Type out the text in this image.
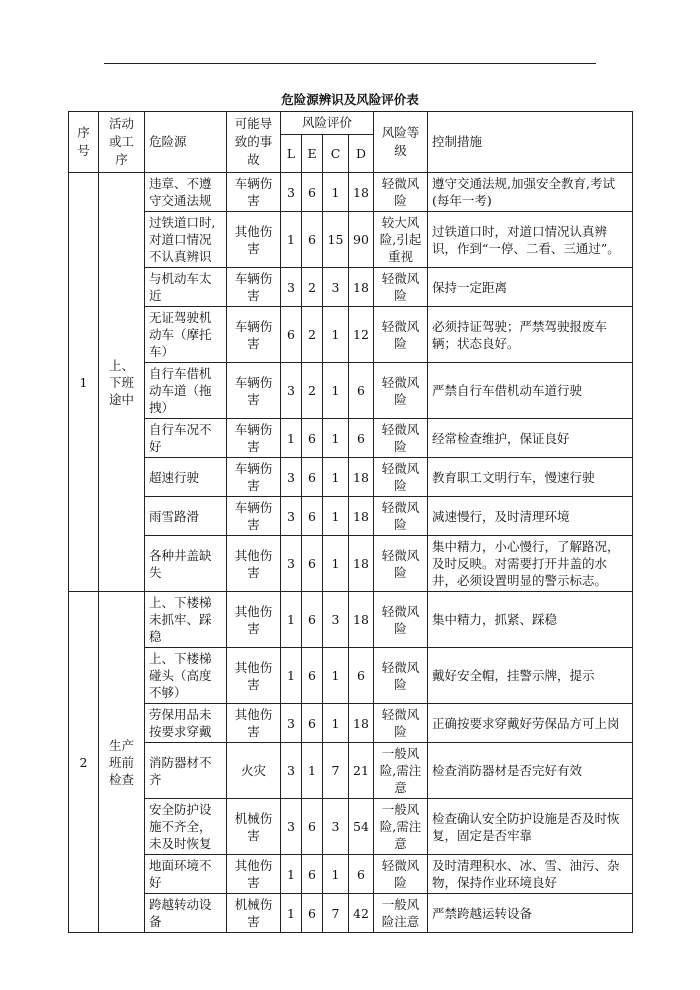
危险源辨识及风险评价表
序号	活动或工序	危险源	可能导致的事故	风险评价				风险等级	控制措施
				L	E	C	D		
1	上、下班途中	违章、不遵守交通法规	车辆伤害	3	6	1	18	轻微风险	遵守交通法规,加强安全教育,考试(每年一考)
		过铁道口时,对道口情况不认真辨识	其他伤害	1	6	15	90	较大风险,引起重视	过铁道口时，对道口情况认真辨识，作到“一停、二看、三通过”。
		与机动车太近	车辆伤害	3	2	3	18	轻微风险	保持一定距离
		无证驾驶机动车（摩托车）	车辆伤害	6	2	1	12	轻微风险	必须持证驾驶；严禁驾驶报废车辆；状态良好。
		自行车借机动车道（拖拽）	车辆伤害	3	2	1	6	轻微风险	严禁自行车借机动车道行驶
		自行车况不好	车辆伤害	1	6	1	6	轻微风险	经常检查维护，保证良好
		超速行驶	车辆伤害	3	6	1	18	轻微风险	教育职工文明行车，慢速行驶
		雨雪路滑	车辆伤害	3	6	1	18	轻微风险	减速慢行，及时清理环境
		各种井盖缺失	其他伤害	3	6	1	18	轻微风险	集中精力，小心慢行，了解路况，及时反映。对需要打开井盖的水井，必须设置明显的警示标志。
2	生产班前检查	上、下楼梯未抓牢、踩稳	其他伤害	1	6	3	18	轻微风险	集中精力，抓紧、踩稳
		上、下楼梯碰头（高度不够）	其他伤害	1	6	1	6	轻微风险	戴好安全帽，挂警示牌，提示
		劳保用品未按要求穿戴	其他伤害	3	6	1	18	轻微风险	正确按要求穿戴好劳保品方可上岗
		消防器材不齐	火灾	3	1	7	21	一般风险,需注意	检查消防器材是否完好有效
		安全防护设施不齐全，未及时恢复	机械伤害	3	6	3	54	一般风险,需注意	检查确认安全防护设施是否及时恢复，固定是否牢靠
		地面环境不好	其他伤害	1	6	1	6	轻微风险	及时清理积水、冰、雪、油污、杂物，保持作业环境良好
		跨越转动设备	机械伤害	1	6	7	42	一般风险注意	严禁跨越运转设备
